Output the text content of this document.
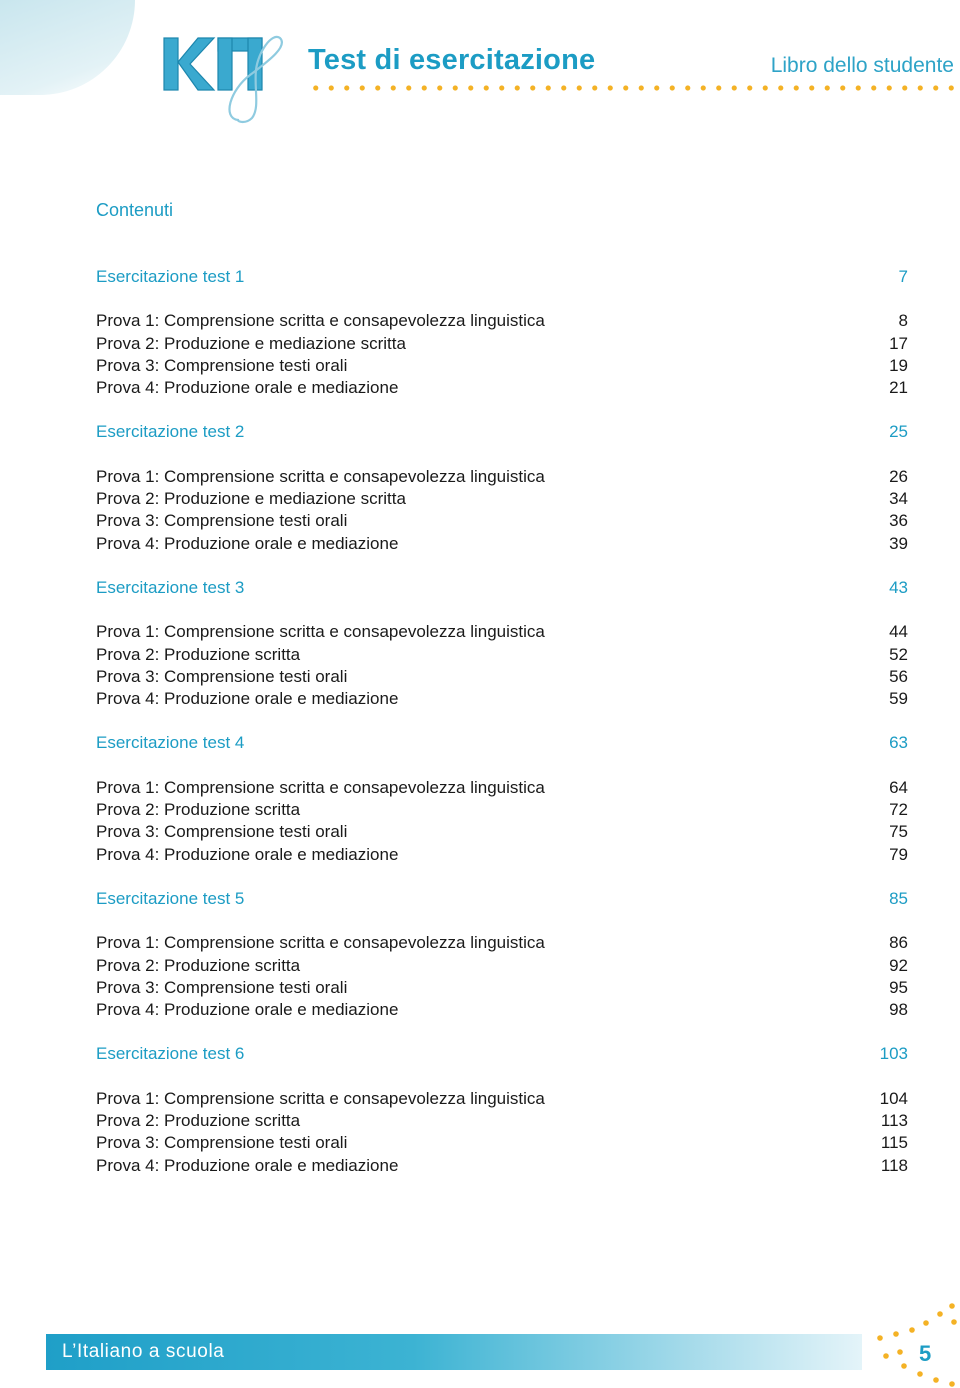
Test di esercitazione	Libro dello studente
Contenuti
Esercitazione test 1	7
Prova 1: Comprensione scritta e consapevolezza linguistica	8
Prova 2: Produzione e mediazione scritta	17
Prova 3: Comprensione testi orali	19
Prova 4: Produzione orale e mediazione	21
Esercitazione test 2	25
Prova 1: Comprensione scritta e consapevolezza linguistica	26
Prova 2: Produzione e mediazione scritta	34
Prova 3: Comprensione testi orali	36
Prova 4: Produzione orale e mediazione	39
Esercitazione test 3	43
Prova 1: Comprensione scritta e consapevolezza linguistica	44
Prova 2: Produzione scritta	52
Prova 3: Comprensione testi orali	56
Prova 4: Produzione orale e mediazione	59
Esercitazione test 4	63
Prova 1: Comprensione scritta e consapevolezza linguistica	64
Prova 2: Produzione scritta	72
Prova 3: Comprensione testi orali	75
Prova 4: Produzione orale e mediazione	79
Esercitazione test 5	85
Prova 1: Comprensione scritta e consapevolezza linguistica	86
Prova 2: Produzione scritta	92
Prova 3: Comprensione testi orali	95
Prova 4: Produzione orale e mediazione	98
Esercitazione test 6	103
Prova 1: Comprensione scritta e consapevolezza linguistica	104
Prova 2: Produzione scritta	113
Prova 3: Comprensione testi orali	115
Prova 4: Produzione orale e mediazione	118
L’Italiano a scuola	5
